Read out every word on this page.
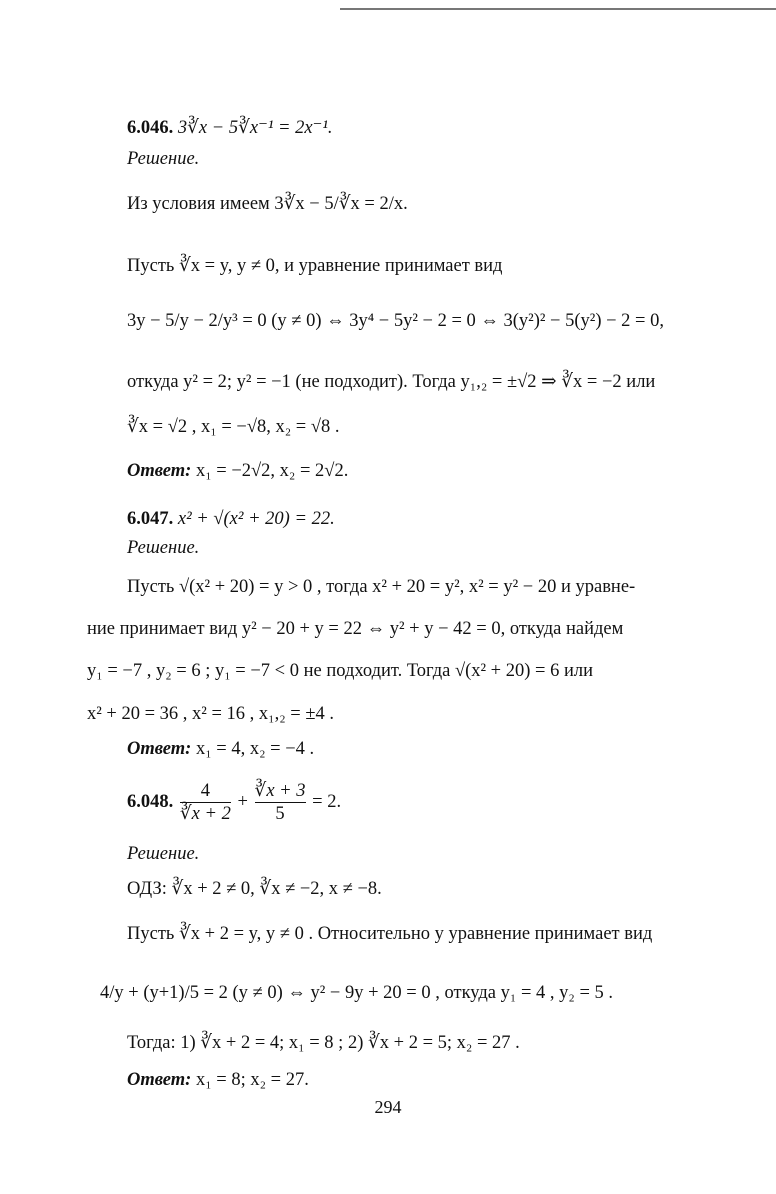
6.046. 3∛x − 5∛x⁻¹ = 2x⁻¹.
Решение.
Из условия имеем 3∛x − 5/∛x = 2/x.
Пусть ∛x = y, y ≠ 0, и уравнение принимает вид
3y − 5/y − 2/y³ = 0 (y ≠ 0) ⇔ 3y⁴ − 5y² − 2 = 0 ⇔ 3(y²)² − 5(y²) − 2 = 0,
откуда y² = 2; y² = −1 (не подходит). Тогда y₁,₂ = ±√2 ⇒ ∛x = −2 или
∛x = √2 , x₁ = −√8, x₂ = √8 .
Ответ: x₁ = −2√2, x₂ = 2√2.
6.047. x² + √(x² + 20) = 22.
Решение.
Пусть √(x² + 20) = y > 0 , тогда x² + 20 = y², x² = y² − 20 и уравне-
ние принимает вид y² − 20 + y = 22 ⇔ y² + y − 42 = 0, откуда найдем
y₁ = −7 , y₂ = 6 ; y₁ = −7 < 0 не подходит. Тогда √(x² + 20) = 6 или
x² + 20 = 36 , x² = 16 , x₁,₂ = ±4 .
Ответ: x₁ = 4, x₂ = −4 .
6.048. $\frac{4}{∛x + 2} + \frac{∛x + 3}{5} = 2$.
Решение.
ОДЗ: ∛x + 2 ≠ 0, ∛x ≠ −2, x ≠ −8.
Пусть ∛x + 2 = y, y ≠ 0 . Относительно y уравнение принимает вид
4/y + (y+1)/5 = 2 (y ≠ 0) ⇔ y² − 9y + 20 = 0 , откуда y₁ = 4 , y₂ = 5 .
Тогда: 1) ∛x + 2 = 4; x₁ = 8 ; 2) ∛x + 2 = 5; x₂ = 27 .
Ответ: x₁ = 8; x₂ = 27.
294
